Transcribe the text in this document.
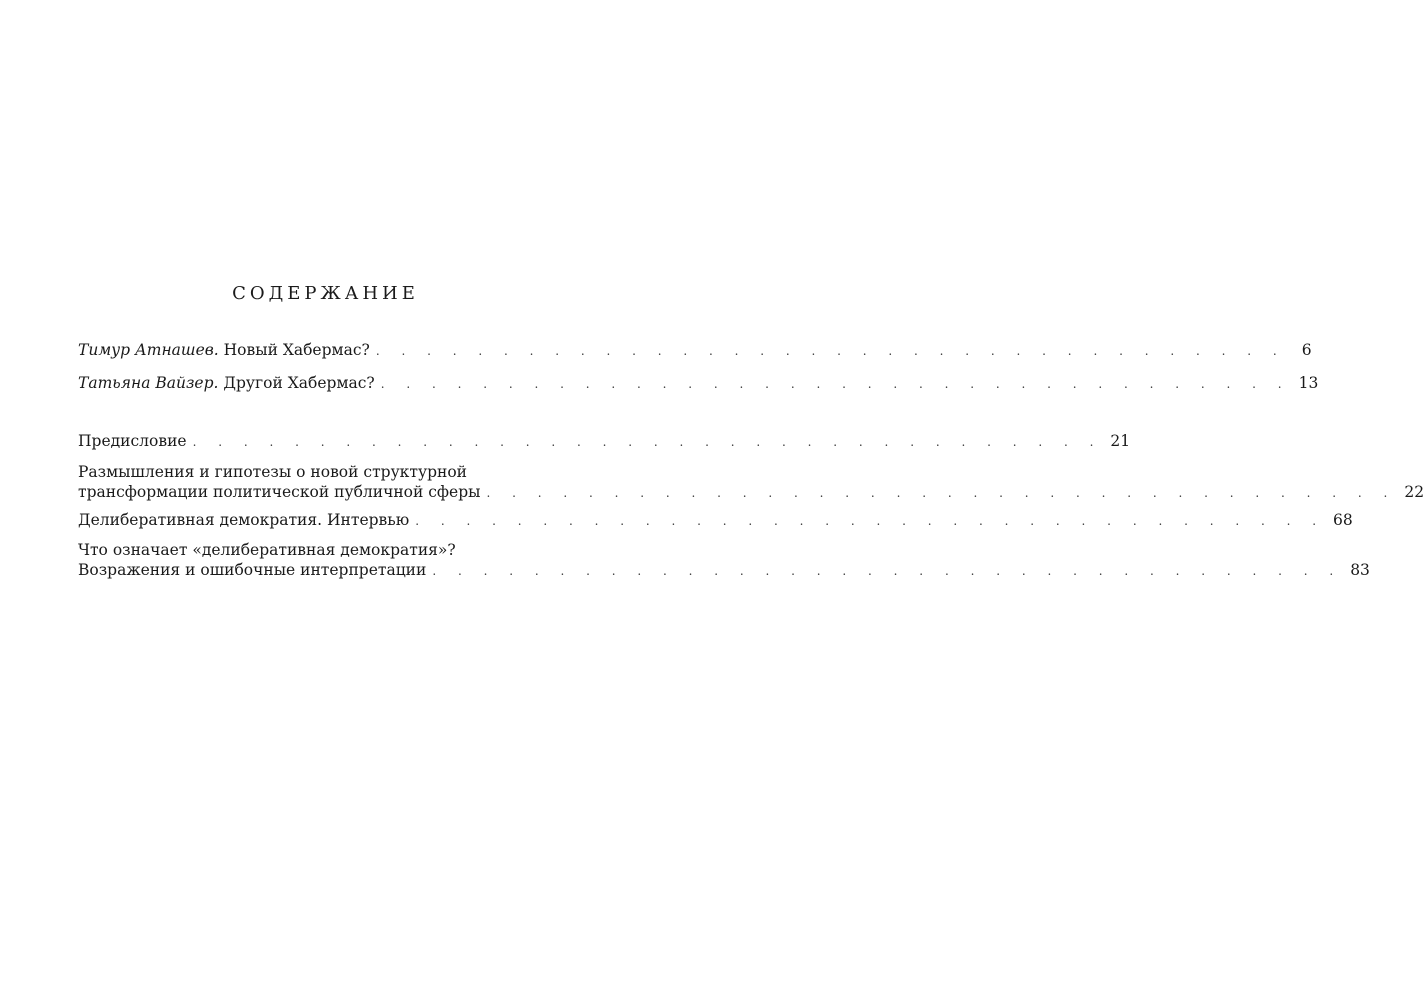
СОДЕРЖАНИЕ
Тимур Атнашев. Новый Хабермас? . . . . . . . . . . . . . . . . . . . . . . . . . . . . . . . . . . . .	6
Татьяна Вайзер. Другой Хабермас? . . . . . . . . . . . . . . . . . . . . . . . . . . . . . . . . . . . . 13
Предисловие . . . . . . . . . . . . . . . . . . . . . . . . . . . . . . . . . . . . 21
Размышления и гипотезы о новой структурной
трансформации политической публичной сферы . . . . . . . . . . . . . . . . . . . . . . . . . . . . . . . . . . . . 22
Делиберативная демократия. Интервью . . . . . . . . . . . . . . . . . . . . . . . . . . . . . . . . . . . . 68
Что означает «делиберативная демократия»?
Возражения и ошибочные интерпретации . . . . . . . . . . . . . . . . . . . . . . . . . . . . . . . . . . . . 83
